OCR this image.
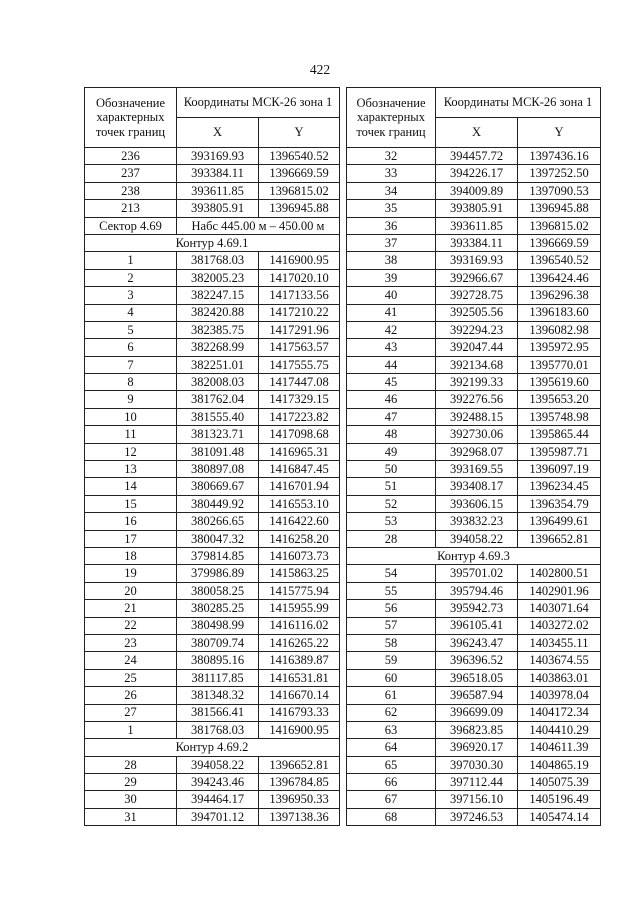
422
Обозначение характерных точек границ	Координаты МСК-26 зона 1	
	X	Y
236	393169.93	1396540.52
237	393384.11	1396669.59
238	393611.85	1396815.02
213	393805.91	1396945.88
Сектор 4.69	Набс 445.00 м – 450.00 м	
Контур 4.69.1		
1	381768.03	1416900.95
2	382005.23	1417020.10
3	382247.15	1417133.56
4	382420.88	1417210.22
5	382385.75	1417291.96
6	382268.99	1417563.57
7	382251.01	1417555.75
8	382008.03	1417447.08
9	381762.04	1417329.15
10	381555.40	1417223.82
11	381323.71	1417098.68
12	381091.48	1416965.31
13	380897.08	1416847.45
14	380669.67	1416701.94
15	380449.92	1416553.10
16	380266.65	1416422.60
17	380047.32	1416258.20
18	379814.85	1416073.73
19	379986.89	1415863.25
20	380058.25	1415775.94
21	380285.25	1415955.99
22	380498.99	1416116.02
23	380709.74	1416265.22
24	380895.16	1416389.87
25	381117.85	1416531.81
26	381348.32	1416670.14
27	381566.41	1416793.33
1	381768.03	1416900.95
Контур 4.69.2		
28	394058.22	1396652.81
29	394243.46	1396784.85
30	394464.17	1396950.33
31	394701.12	1397138.36
Обозначение характерных точек границ	Координаты МСК-26 зона 1	
	X	Y
32	394457.72	1397436.16
33	394226.17	1397252.50
34	394009.89	1397090.53
35	393805.91	1396945.88
36	393611.85	1396815.02
37	393384.11	1396669.59
38	393169.93	1396540.52
39	392966.67	1396424.46
40	392728.75	1396296.38
41	392505.56	1396183.60
42	392294.23	1396082.98
43	392047.44	1395972.95
44	392134.68	1395770.01
45	392199.33	1395619.60
46	392276.56	1395653.20
47	392488.15	1395748.98
48	392730.06	1395865.44
49	392968.07	1395987.71
50	393169.55	1396097.19
51	393408.17	1396234.45
52	393606.15	1396354.79
53	393832.23	1396499.61
28	394058.22	1396652.81
Контур 4.69.3		
54	395701.02	1402800.51
55	395794.46	1402901.96
56	395942.73	1403071.64
57	396105.41	1403272.02
58	396243.47	1403455.11
59	396396.52	1403674.55
60	396518.05	1403863.01
61	396587.94	1403978.04
62	396699.09	1404172.34
63	396823.85	1404410.29
64	396920.17	1404611.39
65	397030.30	1404865.19
66	397112.44	1405075.39
67	397156.10	1405196.49
68	397246.53	1405474.14
